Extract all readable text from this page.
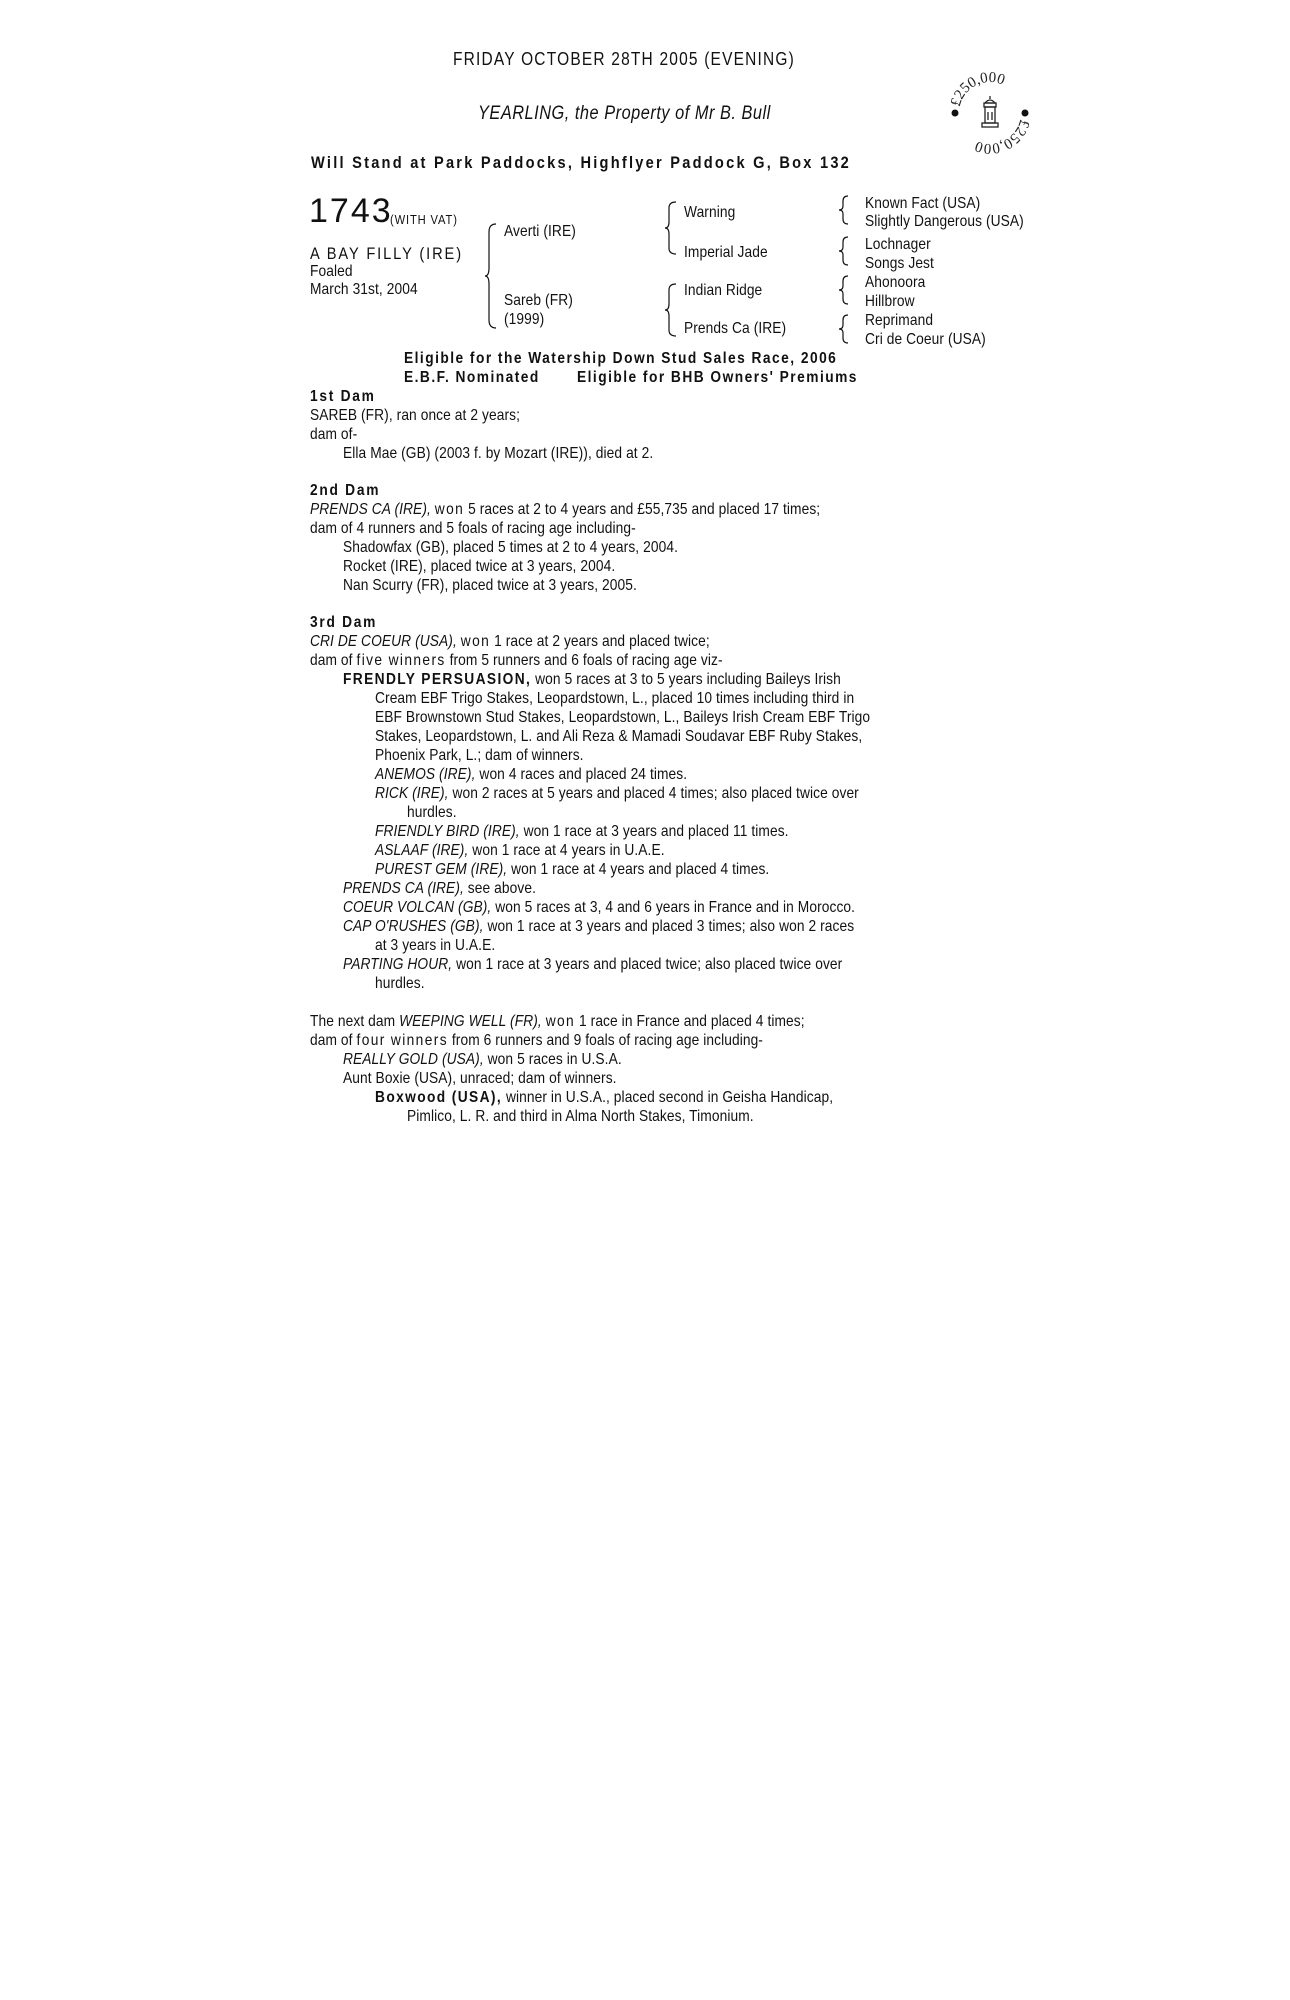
FRIDAY OCTOBER 28TH 2005 (EVENING)
YEARLING, the Property of Mr B. Bull
Will Stand at Park Paddocks, Highflyer Paddock G, Box 132
£250,000
£250,000
1743
(WITH VAT)
A BAY FILLY (IRE)
Foaled
March 31st, 2004
Averti (IRE)
Sareb (FR)
(1999)
Warning
Imperial Jade
Indian Ridge
Prends Ca (IRE)
Known Fact (USA)
Slightly Dangerous (USA)
Lochnager
Songs Jest
Ahonoora
Hillbrow
Reprimand
Cri de Coeur (USA)
Eligible for the Watership Down Stud Sales Race, 2006
E.B.F. Nominated Eligible for BHB Owners' Premiums
1st Dam
SAREB (FR), ran once at 2 years;
dam of-
Ella Mae (GB) (2003 f. by Mozart (IRE)), died at 2.
2nd Dam
PRENDS CA (IRE), won 5 races at 2 to 4 years and £55,735 and placed 17 times;
dam of 4 runners and 5 foals of racing age including-
Shadowfax (GB), placed 5 times at 2 to 4 years, 2004.
Rocket (IRE), placed twice at 3 years, 2004.
Nan Scurry (FR), placed twice at 3 years, 2005.
3rd Dam
CRI DE COEUR (USA), won 1 race at 2 years and placed twice;
dam of five winners from 5 runners and 6 foals of racing age viz-
FRENDLY PERSUASION, won 5 races at 3 to 5 years including Baileys Irish
Cream EBF Trigo Stakes, Leopardstown, L., placed 10 times including third in
EBF Brownstown Stud Stakes, Leopardstown, L., Baileys Irish Cream EBF Trigo
Stakes, Leopardstown, L. and Ali Reza & Mamadi Soudavar EBF Ruby Stakes,
Phoenix Park, L.; dam of winners.
ANEMOS (IRE), won 4 races and placed 24 times.
RICK (IRE), won 2 races at 5 years and placed 4 times; also placed twice over
hurdles.
FRIENDLY BIRD (IRE), won 1 race at 3 years and placed 11 times.
ASLAAF (IRE), won 1 race at 4 years in U.A.E.
PUREST GEM (IRE), won 1 race at 4 years and placed 4 times.
PRENDS CA (IRE), see above.
COEUR VOLCAN (GB), won 5 races at 3, 4 and 6 years in France and in Morocco.
CAP O'RUSHES (GB), won 1 race at 3 years and placed 3 times; also won 2 races
at 3 years in U.A.E.
PARTING HOUR, won 1 race at 3 years and placed twice; also placed twice over
hurdles.
The next dam WEEPING WELL (FR), won 1 race in France and placed 4 times;
dam of four winners from 6 runners and 9 foals of racing age including-
REALLY GOLD (USA), won 5 races in U.S.A.
Aunt Boxie (USA), unraced; dam of winners.
Boxwood (USA), winner in U.S.A., placed second in Geisha Handicap,
Pimlico, L. R. and third in Alma North Stakes, Timonium.
